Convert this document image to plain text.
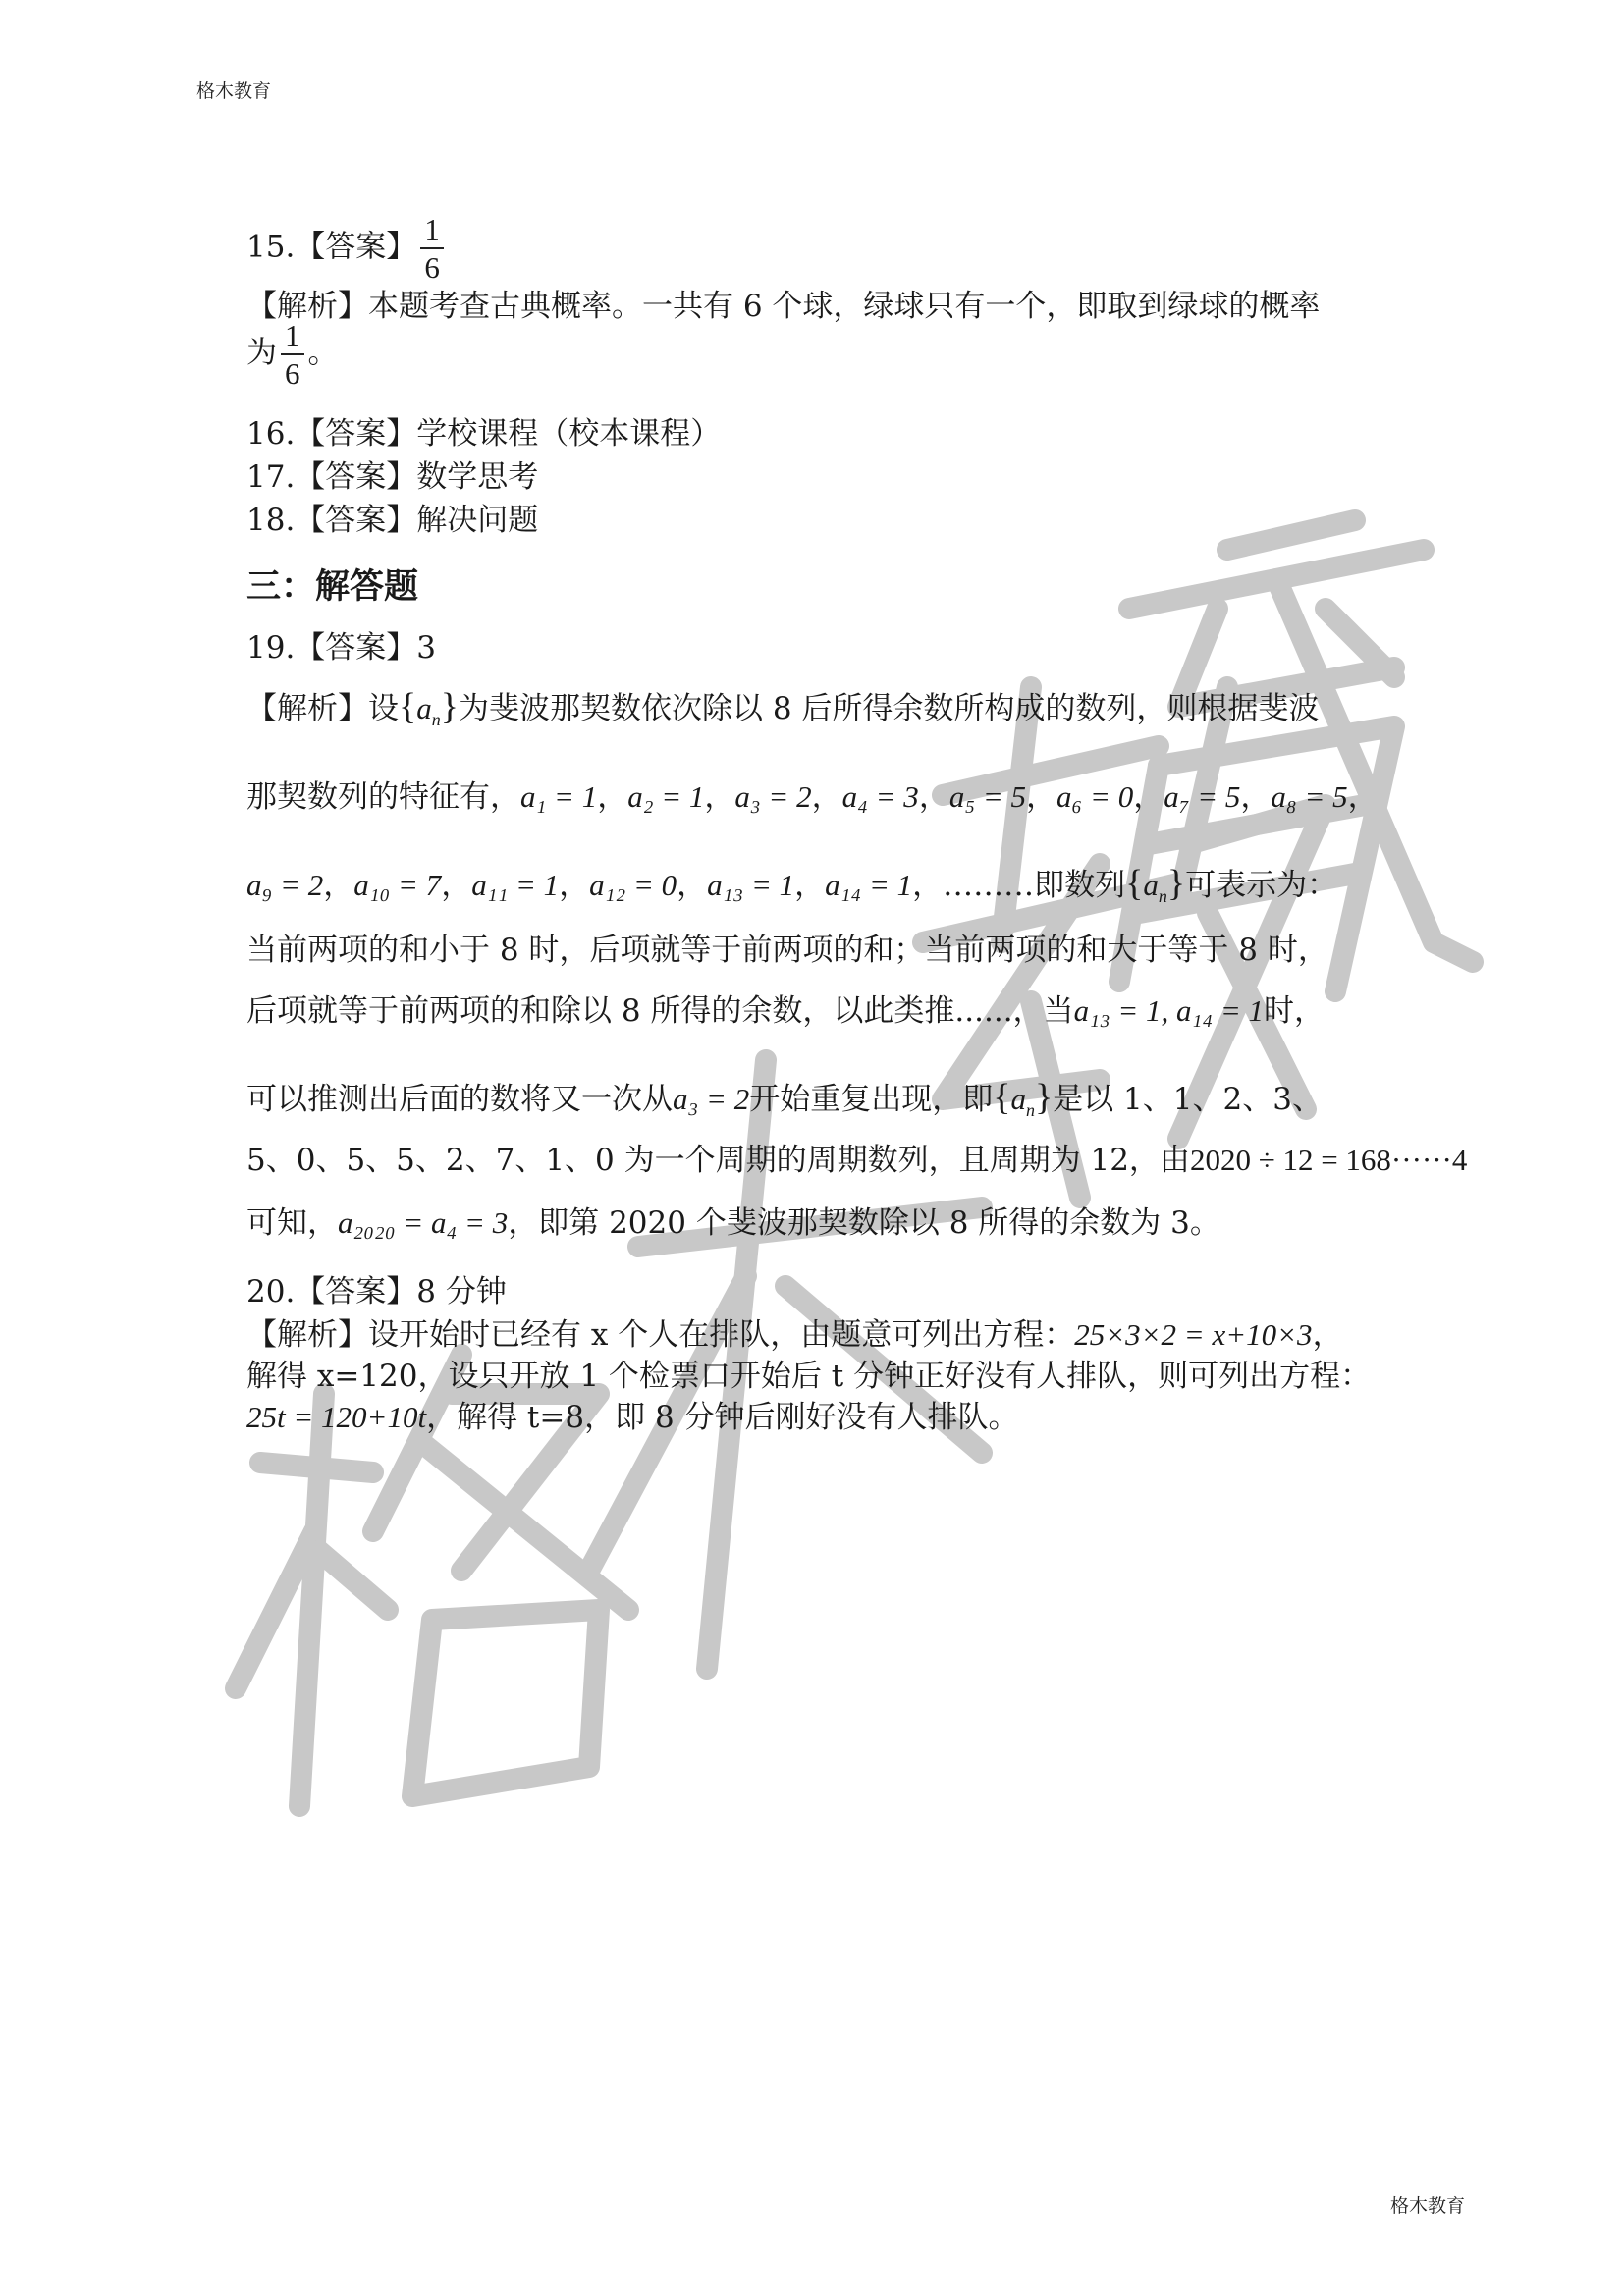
格木教育
格木教育
15.【答案】 $\frac{1}{6}$
【解析】本题考查古典概率。一共有 6 个球，绿球只有一个，即取到绿球的概率
为 $\frac{1}{6}$ 。
16.【答案】学校课程（校本课程）
17.【答案】数学思考
18.【答案】解决问题
三：解答题
19.【答案】3
【解析】设$\{a_n\}$为斐波那契数依次除以 8 后所得余数所构成的数列，则根据斐波
那契数列的特征有，a₁ = 1，a₂ = 1，a₃ = 2，a₄ = 3，a₅ = 5，a₆ = 0，a₇ = 5，a₈ = 5，
a₉ = 2，a₁₀ = 7，a₁₁ = 1，a₁₂ = 0，a₁₃ = 1，a₁₄ = 1，………即数列$\{a_n\}$可表示为：
当前两项的和小于 8 时，后项就等于前两项的和；当前两项的和大于等于 8 时，
后项就等于前两项的和除以 8 所得的余数，以此类推......，当a₁₃ = 1, a₁₄ = 1时，
可以推测出后面的数将又一次从a₃ = 2开始重复出现，即$\{a_n\}$是以 1、1、2、3、
5、0、5、5、2、7、1、0 为一个周期的周期数列，且周期为 12，由2020 ÷ 12 = 168······4
可知，a₂₀₂₀ = a₄ = 3，即第 2020 个斐波那契数除以 8 所得的余数为 3。
20.【答案】8 分钟
【解析】设开始时已经有 x 个人在排队，由题意可列出方程：25×3×2 = x+10×3，
解得 x=120，设只开放 1 个检票口开始后 t 分钟正好没有人排队，则可列出方程：
25t = 120+10t，解得 t=8，即 8 分钟后刚好没有人排队。
